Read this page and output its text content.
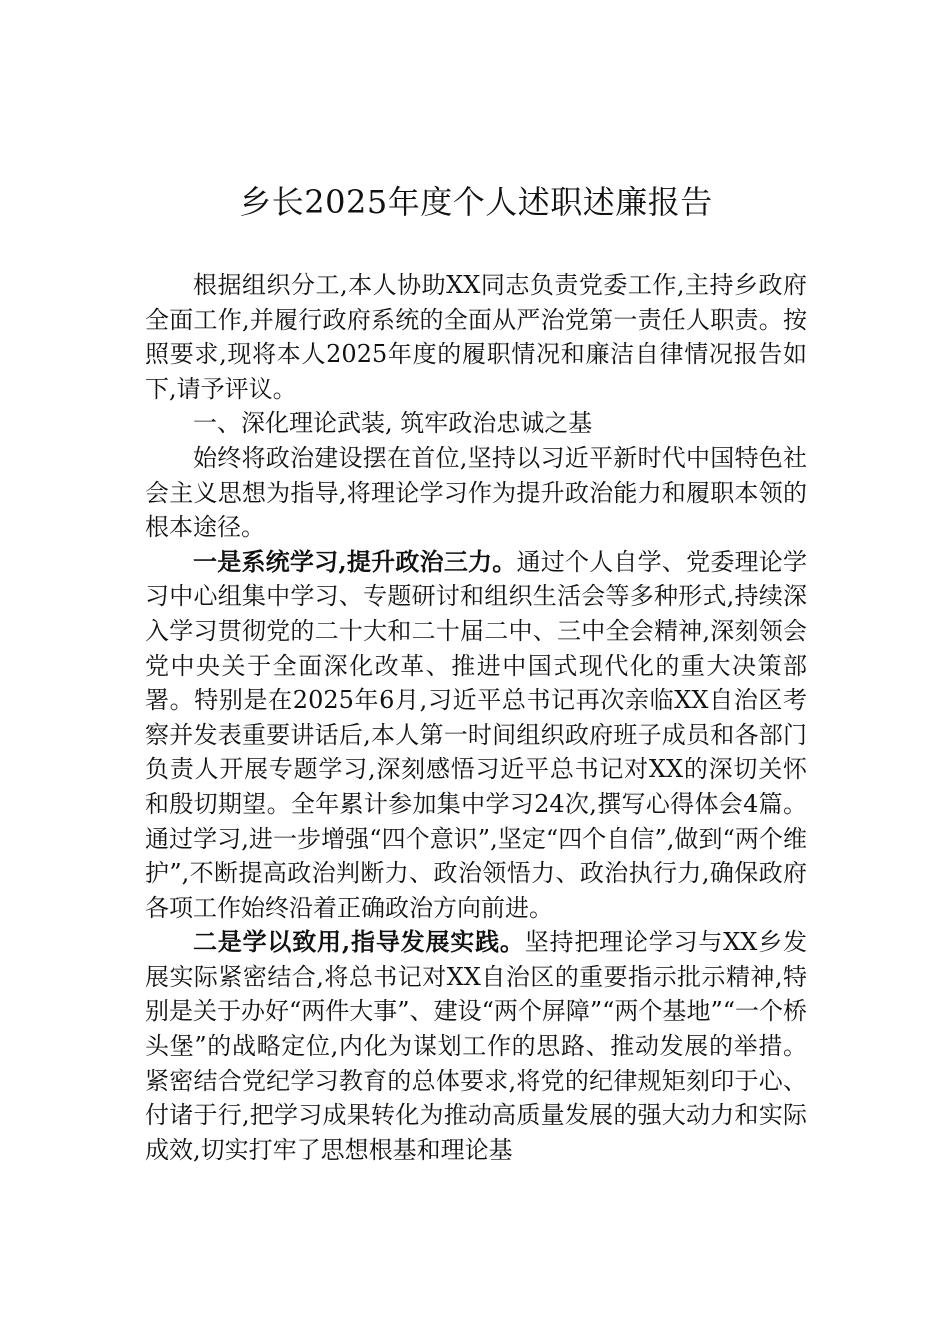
乡长2025年度个人述职述廉报告

根据组织分工,本人协助XX同志负责党委工作,主持乡政府全面工作,并履行政府系统的全面从严治党第一责任人职责。按照要求,现将本人2025年度的履职情况和廉洁自律情况报告如下,请予评议。

一、深化理论武装, 筑牢政治忠诚之基

始终将政治建设摆在首位,坚持以习近平新时代中国特色社会主义思想为指导,将理论学习作为提升政治能力和履职本领的根本途径。

一是系统学习,提升政治三力。通过个人自学、党委理论学习中心组集中学习、专题研讨和组织生活会等多种形式,持续深入学习贯彻党的二十大和二十届二中、三中全会精神,深刻领会党中央关于全面深化改革、推进中国式现代化的重大决策部署。特别是在2025年6月,习近平总书记再次亲临XX自治区考察并发表重要讲话后,本人第一时间组织政府班子成员和各部门负责人开展专题学习,深刻感悟习近平总书记对XX的深切关怀和殷切期望。全年累计参加集中学习24次,撰写心得体会4篇。通过学习,进一步增强“四个意识”,坚定“四个自信”,做到“两个维护”,不断提高政治判断力、政治领悟力、政治执行力,确保政府各项工作始终沿着正确政治方向前进。

二是学以致用,指导发展实践。坚持把理论学习与XX乡发展实际紧密结合,将总书记对XX自治区的重要指示批示精神,特别是关于办好“两件大事”、建设“两个屏障”“两个基地”“一个桥头堡”的战略定位,内化为谋划工作的思路、推动发展的举措。紧密结合党纪学习教育的总体要求,将党的纪律规矩刻印于心、付诸于行,把学习成果转化为推动高质量发展的强大动力和实际成效,切实打牢了思想根基和理论基
